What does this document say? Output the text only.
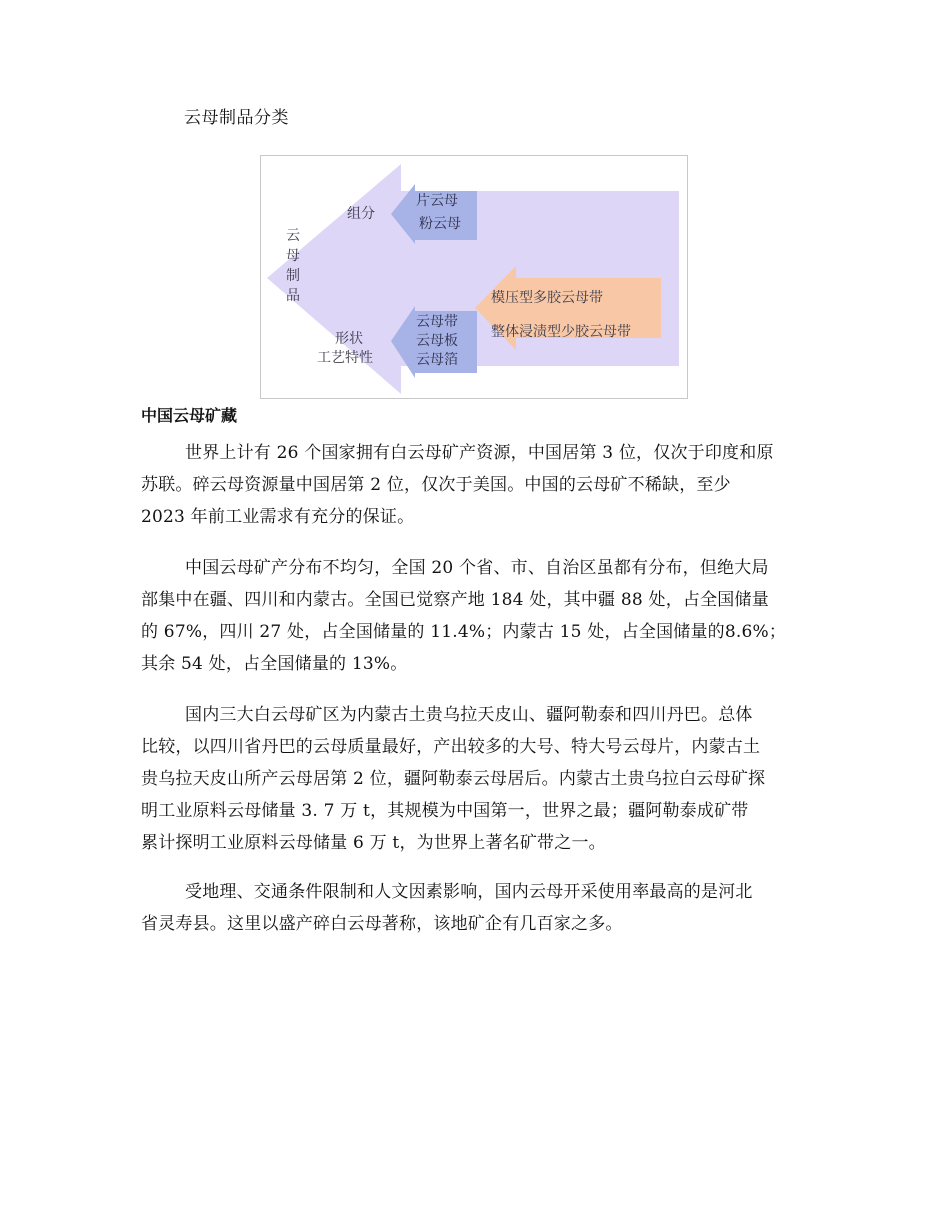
云母制品分类
云
母
制
品
组分
片云母
粉云母
形状
工艺特性
云母带
云母板
云母箔
模压型多胶云母带
整体浸渍型少胶云母带
中国云母矿藏

世界上计有 26 个国家拥有白云母矿产资源，中国居第 3 位，仅次于印度和原
苏联。碎云母资源量中国居第 2 位，仅次于美国。中国的云母矿不稀缺，至少
2023 年前工业需求有充分的保证。

中国云母矿产分布不均匀，全国 20 个省、市、自治区虽都有分布，但绝大局
部集中在疆、四川和内蒙古。全国已觉察产地 184 处，其中疆 88 处，占全国储量
的 67%，四川 27 处，占全国储量的 11.4%；内蒙古 15 处，占全国储量的8.6%；
其余 54 处，占全国储量的 13%。

国内三大白云母矿区为内蒙古土贵乌拉天皮山、疆阿勒泰和四川丹巴。总体
比较，以四川省丹巴的云母质量最好，产出较多的大号、特大号云母片，内蒙古土
贵乌拉天皮山所产云母居第 2 位，疆阿勒泰云母居后。内蒙古土贵乌拉白云母矿探
明工业原料云母储量 3. 7 万 t，其规模为中国第一，世界之最；疆阿勒泰成矿带
累计探明工业原料云母储量 6 万 t，为世界上著名矿带之一。

受地理、交通条件限制和人文因素影响，国内云母开采使用率最高的是河北
省灵寿县。这里以盛产碎白云母著称，该地矿企有几百家之多。
